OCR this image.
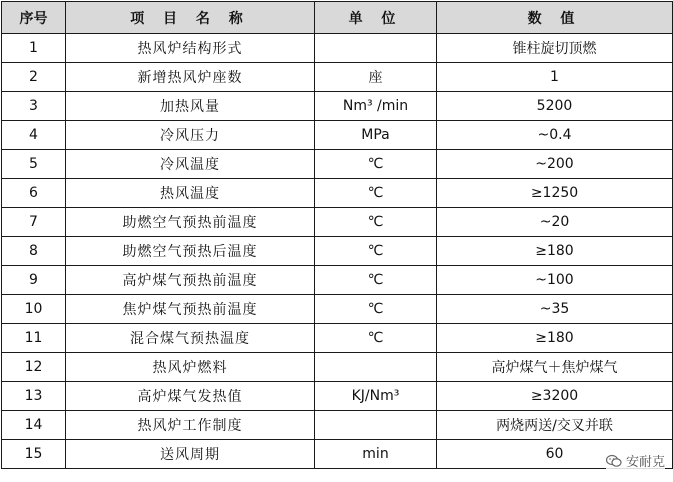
序号	项 目 名 称	单 位	数 值
1	热风炉结构形式		锥柱旋切顶燃
2	新增热风炉座数	座	1
3	加热风量	Nm³ /min	5200
4	冷风压力	MPa	~0.4
5	冷风温度	℃	~200
6	热风温度	℃	≥1250
7	助燃空气预热前温度	℃	~20
8	助燃空气预热后温度	℃	≥180
9	高炉煤气预热前温度	℃	~100
10	焦炉煤气预热前温度	℃	~35
11	混合煤气预热温度	℃	≥180
12	热风炉燃料		高炉煤气＋焦炉煤气
13	高炉煤气发热值	KJ/Nm³	≥3200
14	热风炉工作制度		两烧两送/交叉并联
15	送风周期	min	60
安耐克
